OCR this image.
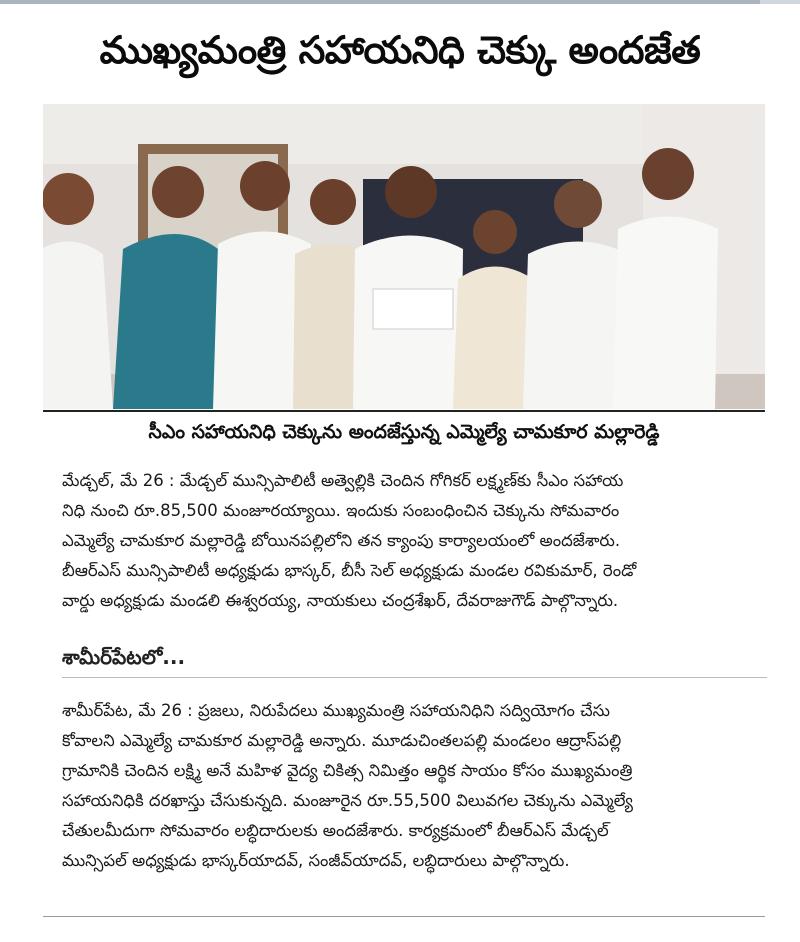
ముఖ్యమంత్రి సహాయనిధి చెక్కు అందజేత
సీఎం సహాయనిధి చెక్కును అందజేస్తున్న ఎమ్మెల్యే చామకూర మల్లారెడ్డి
మేడ్చల్, మే 26 : మేడ్చల్ మున్సిపాలిటీ అత్వెల్లికి చెందిన గోగికర్ లక్ష్మణ్‌కు సీఎం సహాయ
నిధి నుంచి రూ.85,500 మంజూరయ్యాయి. ఇందుకు సంబంధించిన చెక్కును సోమవారం
ఎమ్మెల్యే చామకూర మల్లారెడ్డి బోయినపల్లిలోని తన క్యాంపు కార్యాలయంలో అందజేశారు.
బీఆర్‌ఎస్ మున్సిపాలిటీ అధ్యక్షుడు భాస్కర్, బీసీ సెల్ అధ్యక్షుడు మండల రవికుమార్, రెండో
వార్డు అధ్యక్షుడు మండలి ఈశ్వరయ్య, నాయకులు చంద్రశేఖర్, దేవరాజుగౌడ్ పాల్గొన్నారు.
శామీర్‌పేటలో...
శామీర్‌పేట, మే 26 : ప్రజలు, నిరుపేదలు ముఖ్యమంత్రి సహాయనిధిని సద్వియోగం చేసు
కోవాలని ఎమ్మెల్యే చామకూర మల్లారెడ్డి అన్నారు. మూడుచింతలపల్లి మండలం ఆద్రాస్‌పల్లి
గ్రామానికి చెందిన లక్ష్మి అనే మహిళ వైద్య చికిత్స నిమిత్తం ఆర్థిక సాయం కోసం ముఖ్యమంత్రి
సహాయనిధికి దరఖాస్తు చేసుకున్నది. మంజూరైన రూ.55,500 విలువగల చెక్కును ఎమ్మెల్యే
చేతులమీదుగా సోమవారం లబ్ధిదారులకు అందజేశారు. కార్యక్రమంలో బీఆర్‌ఎస్ మేడ్చల్
మున్సిపల్ అధ్యక్షుడు భాస్కర్‌యాదవ్, సంజీవ్‌యాదవ్, లబ్ధిదారులు పాల్గొన్నారు.
